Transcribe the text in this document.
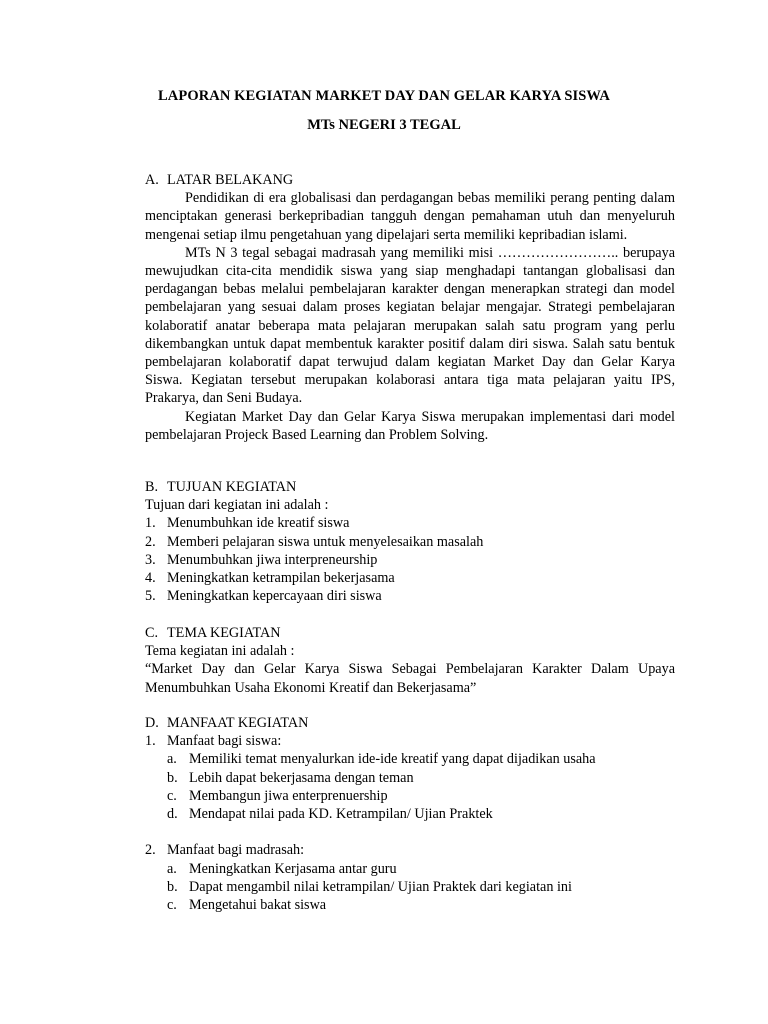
LAPORAN KEGIATAN MARKET DAY DAN GELAR KARYA SISWA
MTs NEGERI 3 TEGAL
A. LATAR BELAKANG

Pendidikan di era globalisasi dan perdagangan bebas memiliki perang penting dalam menciptakan generasi berkepribadian tangguh dengan pemahaman utuh dan menyeluruh mengenai setiap ilmu pengetahuan yang dipelajari serta memiliki kepribadian islami.

MTs N 3 tegal sebagai madrasah yang memiliki misi …………………….. berupaya mewujudkan cita-cita mendidik siswa yang siap menghadapi tantangan globalisasi dan perdagangan bebas melalui pembelajaran karakter dengan menerapkan strategi dan model pembelajaran yang sesuai dalam proses kegiatan belajar mengajar. Strategi pembelajaran kolaboratif anatar beberapa mata pelajaran merupakan salah satu program yang perlu dikembangkan untuk dapat membentuk karakter positif dalam diri siswa. Salah satu bentuk pembelajaran kolaboratif dapat terwujud dalam kegiatan Market Day dan Gelar Karya Siswa. Kegiatan tersebut merupakan kolaborasi antara tiga mata pelajaran yaitu IPS, Prakarya, dan Seni Budaya.

Kegiatan Market Day dan Gelar Karya Siswa merupakan implementasi dari model pembelajaran Projeck Based Learning dan Problem Solving.

B. TUJUAN KEGIATAN
Tujuan dari kegiatan ini adalah :
1. Menumbuhkan ide kreatif siswa
2. Memberi pelajaran siswa untuk menyelesaikan masalah
3. Menumbuhkan jiwa interpreneurship
4. Meningkatkan ketrampilan bekerjasama
5. Meningkatkan kepercayaan diri siswa
C. TEMA KEGIATAN
Tema kegiatan ini adalah :

“Market Day dan Gelar Karya Siswa Sebagai Pembelajaran Karakter Dalam Upaya Menumbuhkan Usaha Ekonomi Kreatif dan Bekerjasama”

D. MANFAAT KEGIATAN
1. Manfaat bagi siswa:
a. Memiliki temat menyalurkan ide-ide kreatif yang dapat dijadikan usaha
b. Lebih dapat bekerjasama dengan teman
c. Membangun jiwa enterprenuership
d. Mendapat nilai pada KD. Ketrampilan/ Ujian Praktek
2. Manfaat bagi madrasah:
a. Meningkatkan Kerjasama antar guru
b. Dapat mengambil nilai ketrampilan/ Ujian Praktek dari kegiatan ini
c. Mengetahui bakat siswa
